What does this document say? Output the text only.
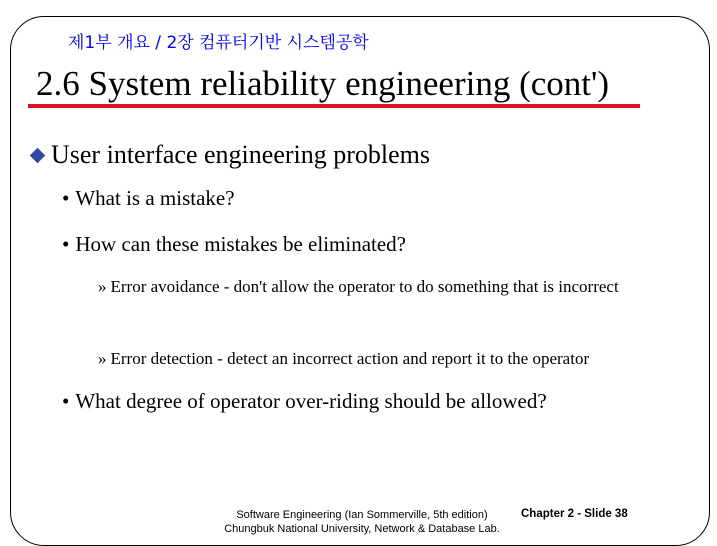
제1부 개요 / 2장 컴퓨터기반 시스템공학
2.6 System reliability engineering (cont')
User interface engineering problems
• What is a mistake?
• How can these mistakes be eliminated?
» Error avoidance - don't allow the operator to do something that is incorrect
» Error detection - detect an incorrect action and report it to the operator
• What degree of operator over-riding should be allowed?
Software Engineering (Ian Sommerville, 5th edition)
Chungbuk National University, Network & Database Lab.
Chapter 2 - Slide 38
